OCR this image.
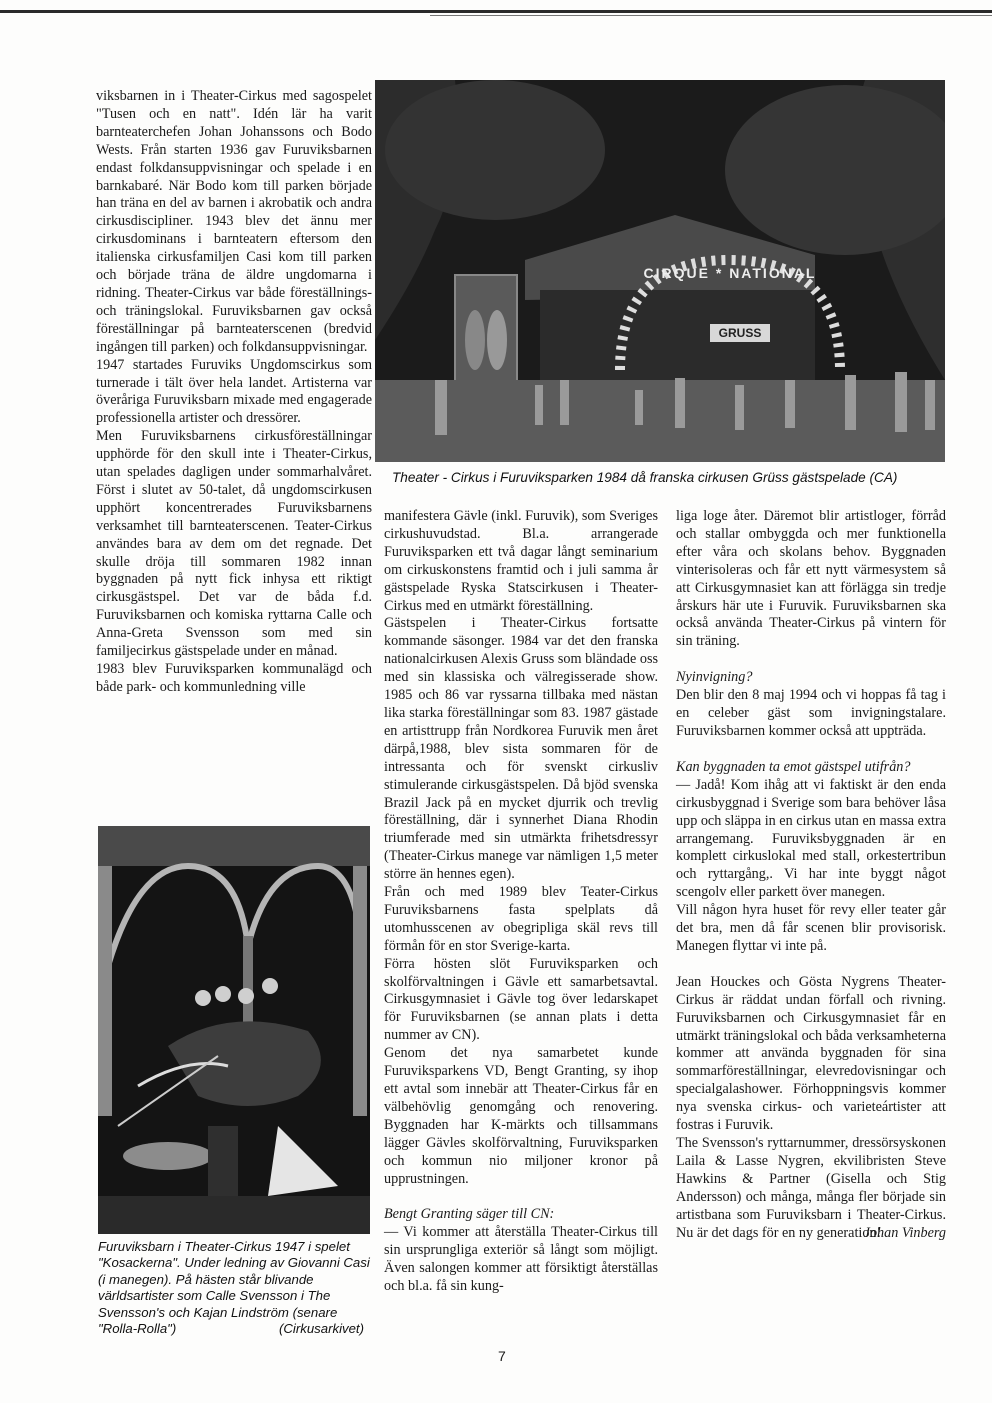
viksbarnen in i Theater-Cirkus med sagospelet "Tusen och en natt". Idén lär ha varit barnteaterchefen Johan Johanssons och Bodo Wests. Från starten 1936 gav Furuviksbarnen endast folkdansuppvisningar och spelade i en barnkabaré. När Bodo kom till parken började han träna en del av barnen i akrobatik och andra cirkusdiscipliner. 1943 blev det ännu mer cirkusdominans i barnteatern eftersom den italienska cirkusfamiljen Casi kom till parken och började träna de äldre ungdomarna i ridning. Theater-Cirkus var både föreställnings- och träningslokal. Furuviksbarnen gav också föreställningar på barnteaterscenen (bredvid ingången till parken) och folkdansuppvisningar.

1947 startades Furuviks Ungdomscirkus som turnerade i tält över hela landet. Artisterna var överåriga Furuviksbarn mixade med engagerade professionella artister och dressörer.

Men Furuviksbarnens cirkusföreställningar upphörde för den skull inte i Theater-Cirkus, utan spelades dagligen under sommarhalvåret. Först i slutet av 50-talet, då ungdomscirkusen upphört koncentrerades Furuviksbarnens verksamhet till barnteaterscenen. Teater-Cirkus användes bara av dem om det regnade. Det skulle dröja till sommaren 1982 innan byggnaden på nytt fick inhysa ett riktigt cirkusgästspel. Det var de båda f.d. Furuviksbarnen och komiska ryttarna Calle och Anna-Greta Svensson som med sin familjecirkus gästspelade under en månad.

1983 blev Furuviksparken kommunalägd och både park- och kommunledning ville

CIRQUE * NATIONAL
GRUSS
Theater - Cirkus i Furuviksparken 1984 då franska cirkusen Grüss gästspelade (CA)
Furuviksbarn i Theater-Cirkus 1947 i spelet "Kosackerna". Under ledning av Giovanni Casi (i manegen). På hästen står blivande världsartister som Calle Svensson i The Svensson's och Kajan Lindström (senare "Rolla-Rolla")	(Cirkusarkivet)

manifestera Gävle (inkl. Furuvik), som Sveriges cirkushuvudstad. Bl.a. arrangerade Furuviksparken ett två dagar långt seminarium om cirkuskonstens framtid och i juli samma år gästspelade Ryska Statscirkusen i Theater-Cirkus med en utmärkt föreställning.

Gästspelen i Theater-Cirkus fortsatte kommande säsonger. 1984 var det den franska nationalcirkusen Alexis Gruss som bländade oss med sin klassiska och välregisserade show. 1985 och 86 var ryssarna tillbaka med nästan lika starka föreställningar som 83. 1987 gästade en artisttrupp från Nordkorea Furuvik men året därpå,1988, blev sista sommaren för de intressanta och för svenskt cirkusliv stimulerande cirkusgästspelen. Då bjöd svenska Brazil Jack på en mycket djurrik och trevlig föreställning, där i synnerhet Diana Rhodin triumferade med sin utmärkta frihetsdressyr (Theater-Cirkus manege var nämligen 1,5 meter större än hennes egen).

Från och med 1989 blev Teater-Cirkus Furuviksbarnens fasta spelplats då utomhusscenen av obegripliga skäl revs till förmån för en stor Sverige-karta.

Förra hösten slöt Furuviksparken och skolförvaltningen i Gävle ett samarbetsavtal. Cirkusgymnasiet i Gävle tog över ledarskapet för Furuviksbarnen (se annan plats i detta nummer av CN).

Genom det nya samarbetet kunde Furuviksparkens VD, Bengt Granting, sy ihop ett avtal som innebär att Theater-Cirkus får en välbehövlig genomgång och renovering. Byggnaden har K-märkts och tillsammans lägger Gävles skolförvaltning, Furuviksparken och kommun nio miljoner kronor på upprustningen.

Bengt Granting säger till CN:

— Vi kommer att återställa Theater-Cirkus till sin ursprungliga exteriör så långt som möjligt. Även salongen kommer att försiktigt återställas och bl.a. få sin kung-

liga loge åter. Däremot blir artistloger, förråd och stallar ombyggda och mer funktionella efter våra och skolans behov. Byggnaden vinterisoleras och får ett nytt värmesystem så att Cirkusgymnasiet kan att förlägga sin tredje årskurs här ute i Furuvik. Furuviksbarnen ska också använda Theater-Cirkus på vintern för sin träning.

Nyinvigning?

Den blir den 8 maj 1994 och vi hoppas få tag i en celeber gäst som invigningstalare. Furuviksbarnen kommer också att uppträda.

Kan byggnaden ta emot gästspel utifrån?

— Jadå! Kom ihåg att vi faktiskt är den enda cirkusbyggnad i Sverige som bara behöver låsa upp och släppa in en cirkus utan en massa extra arrangemang. Furuviksbyggnaden är en komplett cirkuslokal med stall, orkestertribun och ryttargång,. Vi har inte byggt något scengolv eller parkett över manegen.

Vill någon hyra huset för revy eller teater går det bra, men då får scenen blir provisorisk. Manegen flyttar vi inte på.

Jean Houckes och Gösta Nygrens Theater-Cirkus är räddat undan förfall och rivning. Furuviksbarnen och Cirkusgymnasiet får en utmärkt träningslokal och båda verksamheterna kommer att använda byggnaden för sina sommarföreställningar, elevredovisningar och specialgalashower. Förhoppningsvis kommer nya svenska cirkus- och varieteártister att fostras i Furuvik.

The Svensson's ryttarnummer, dressörsyskonen Laila & Lasse Nygren, ekvilibristen Steve Hawkins & Partner (Gisella och Stig Andersson) och många, många fler började sin artistbana som Furuviksbarn i Theater-Cirkus. Nu är det dags för en ny generation!

Johan Vinberg
7
